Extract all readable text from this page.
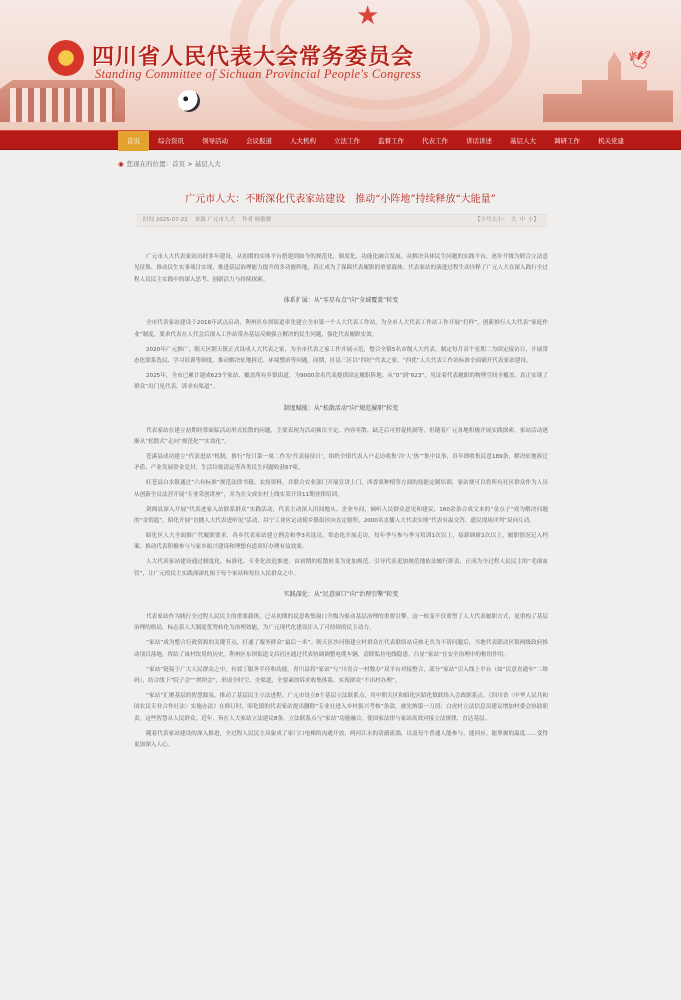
★
四川省人民代表大会常务委员会
Standing Committee of Sichuan Provincial People's Congress
🕊
首页	综合资讯	领导活动	会议报道	人大机构	立法工作	监督工作	代表工作	讲话讲述	基层人大	调研工作	机关党建
◉ 您现在的位置：首页 > 基层人大
广元市人大：不断深化代表家站建设　推动“小阵地”持续释放“大能量”
时间 2025-07-22 来源 广元市人大 作者 杨敏敏	【字号大小： 大 中 小】
广元市人大代表家站历经多年建设，从初期的实体平台搭建到如今的规范化、制度化、功能化融合发展，从解决具体民生问题的实践平台，逐步升级为联合立法意见征集、推动民生实事项目实现、推进基层治理能力提升的多功能阵地，真正成为了保障代表履职的重要载体。代表家站的演进过程生动诠释了广元人大在深入践行全过程人民民主实践中的深入思考、创新活力与持续探索。
体系扩展：从“零星布点”向“全域覆盖”转变
全市代表家站建设于2016年试点启动，利州区东坝街道率先建立全市第一个人大代表工作站，为全市人大代表工作站工作开展“打样”，创新推行人大代表“家庭作业”制度，要求代表在人代会后深入工作站带办基层反映强立解决的民生问题，强化代表履职实效。
2020年广元推广，朝天区朝天镇正式设成人大代表之家，为全市代表之家工作开展示范，整合全镇5名市级人大代表，制定每月首个星期二为固定接访日，开展常态化联系选民、学习培训等制度，推动解决征地拆迁、环境整治等问题。同期，区县三区以“四好”代表之家、“四优”人大代表工作站标准全面铺开代表家站建设。
2025年，全市已累计建成623个家站，覆盖所有乡镇街道，为9000余名代表提供固定履职阵地。从“0”到“623”，见证着代表履职的物理空间全覆盖，真正实现了群众“出门见代表，诉求有渠道”。
制度赋能：从“松散活动”向“规范履职”转变
代表家站在建立初期经常面临活动形式松散的问题，主要表现为活动频次不定、内容零散、缺乏后可督促机制等，但随着广元各地积极开展实践探索，家站活动逐渐从“松散式”走向“规范化”“实效化”。
苍溪县成功建立“代表进站”机制，推行“每月第一周二作为‘代表接待日’，组织全镇代表入户走访收集‘冷’人‘热’”集中议事，首年即收集民意189条，解决征地拆迁矛盾、产业发展资金兑付、生活垃圾清运等各类民生问题收获67项。
旺苍县白水镇通过“六有标准”规范法律书籍、农技资料，并联合农业部门开展宣讲上门，西香果种植等方面的技能定制培训，家站便可以将所有社区群众作为人员从创新全员法营开展“专业采创讲座”，并为在文成农村上线实采开设11期业律培训。
剑阁县深入开展“代表进家入站联系群众”实践活动，代表主动深入田间地头、企业车间，倾听人民群众意见和建议，160余条合成文本的“金点子”成为解决问题的“金钥匙”。昭化开展“直播人大代表进听见”活动，昌宁工业区定动使乡镇街区向直定辖所，2000名直播人大代表实现“代表有温交答、遗民现场评判”双向互动。
昭化区人大全面推广代履职要求，各乡代表家站建立例会和季3名选员，常态化开展走访，每年季与参与季习培训1次以上，接薪调研2次以上，履职情况记入档案。推动代表积极参与与家乡振兴建设和理想有道谈好办理有益效果。
人大代表家站建设通过制度化、标准化、专业化改造推进，由初期的松散转变为更加规范，引导代表更加规范地依法履行职责，正成为全过程人民民主的“毛细血管”，让广元的民主实践深深扎根于每个家站和每位人民群众之中。
实践深化：从“民意窗口”向“治理引擎”转变
代表家站作为践行全过程人民民主的重要载体，已从初期的民意收集窗口升级为驱动基层治理的重要引擎。这一转变不仅重塑了人大代表履职方式，更重构了基层治理的格局，标志着人大制度优势转化为治理效能，为广元现代化建设注入了可持续的民主动力。
“家站”成为整合行政资源的关键节点，打通了服务群众“最后一米”。朝天区沙河镇建立村群众在代表联络站反映无共为不请问题后，当地代表联动区镇两级政府推动项目落地，终结了该村饮用的历史。利州区东坝街道文昌社区通过代表协调调整电缆车辆，清除私拉电线隐患，凸显“家站”在安全治理中的枢纽作用。
“家站”链接于广大人民群众之中，有效丁服务半径和功能。青川县将“家站”与“川青合一村数办”双平台对接整合，部分“家站”引入线上平台（如“民意直通车”二维码），结合线下“院子会”“坝坝会”，形成全时空、全渠道、全要素的诉求收集体系，实现群众“不出村办理”。
“家站”汇聚基层的智慧源泉，推动了基层民主立法进程。广元市设立8个基层立法联系点，其中朝天区和昭化区昭化镇联络入会政职系点。《四川省〈中华人民共和国农民专业合作社法〉实施办法》在修订时，昭化镇的代表家站提出删除“专业社进入乡村振兴考核”条款，被先纳第一刀切；白虎村立法信息员建议增加村委会协助职责。这些智慧从人民群众，近年，旨在人大家站立法建议8条，立法联系点与“家站”功能融合，使国家法律与家站高效对接立法规律，直达基层。
随着代表家站建设的深入推进，全过程人民民主具象成了家门口电梯的沟通开放、两河江水的清澈流淌，以及每个普通人能参与、能回应、能掌握的温度……变得更加深入人心。
